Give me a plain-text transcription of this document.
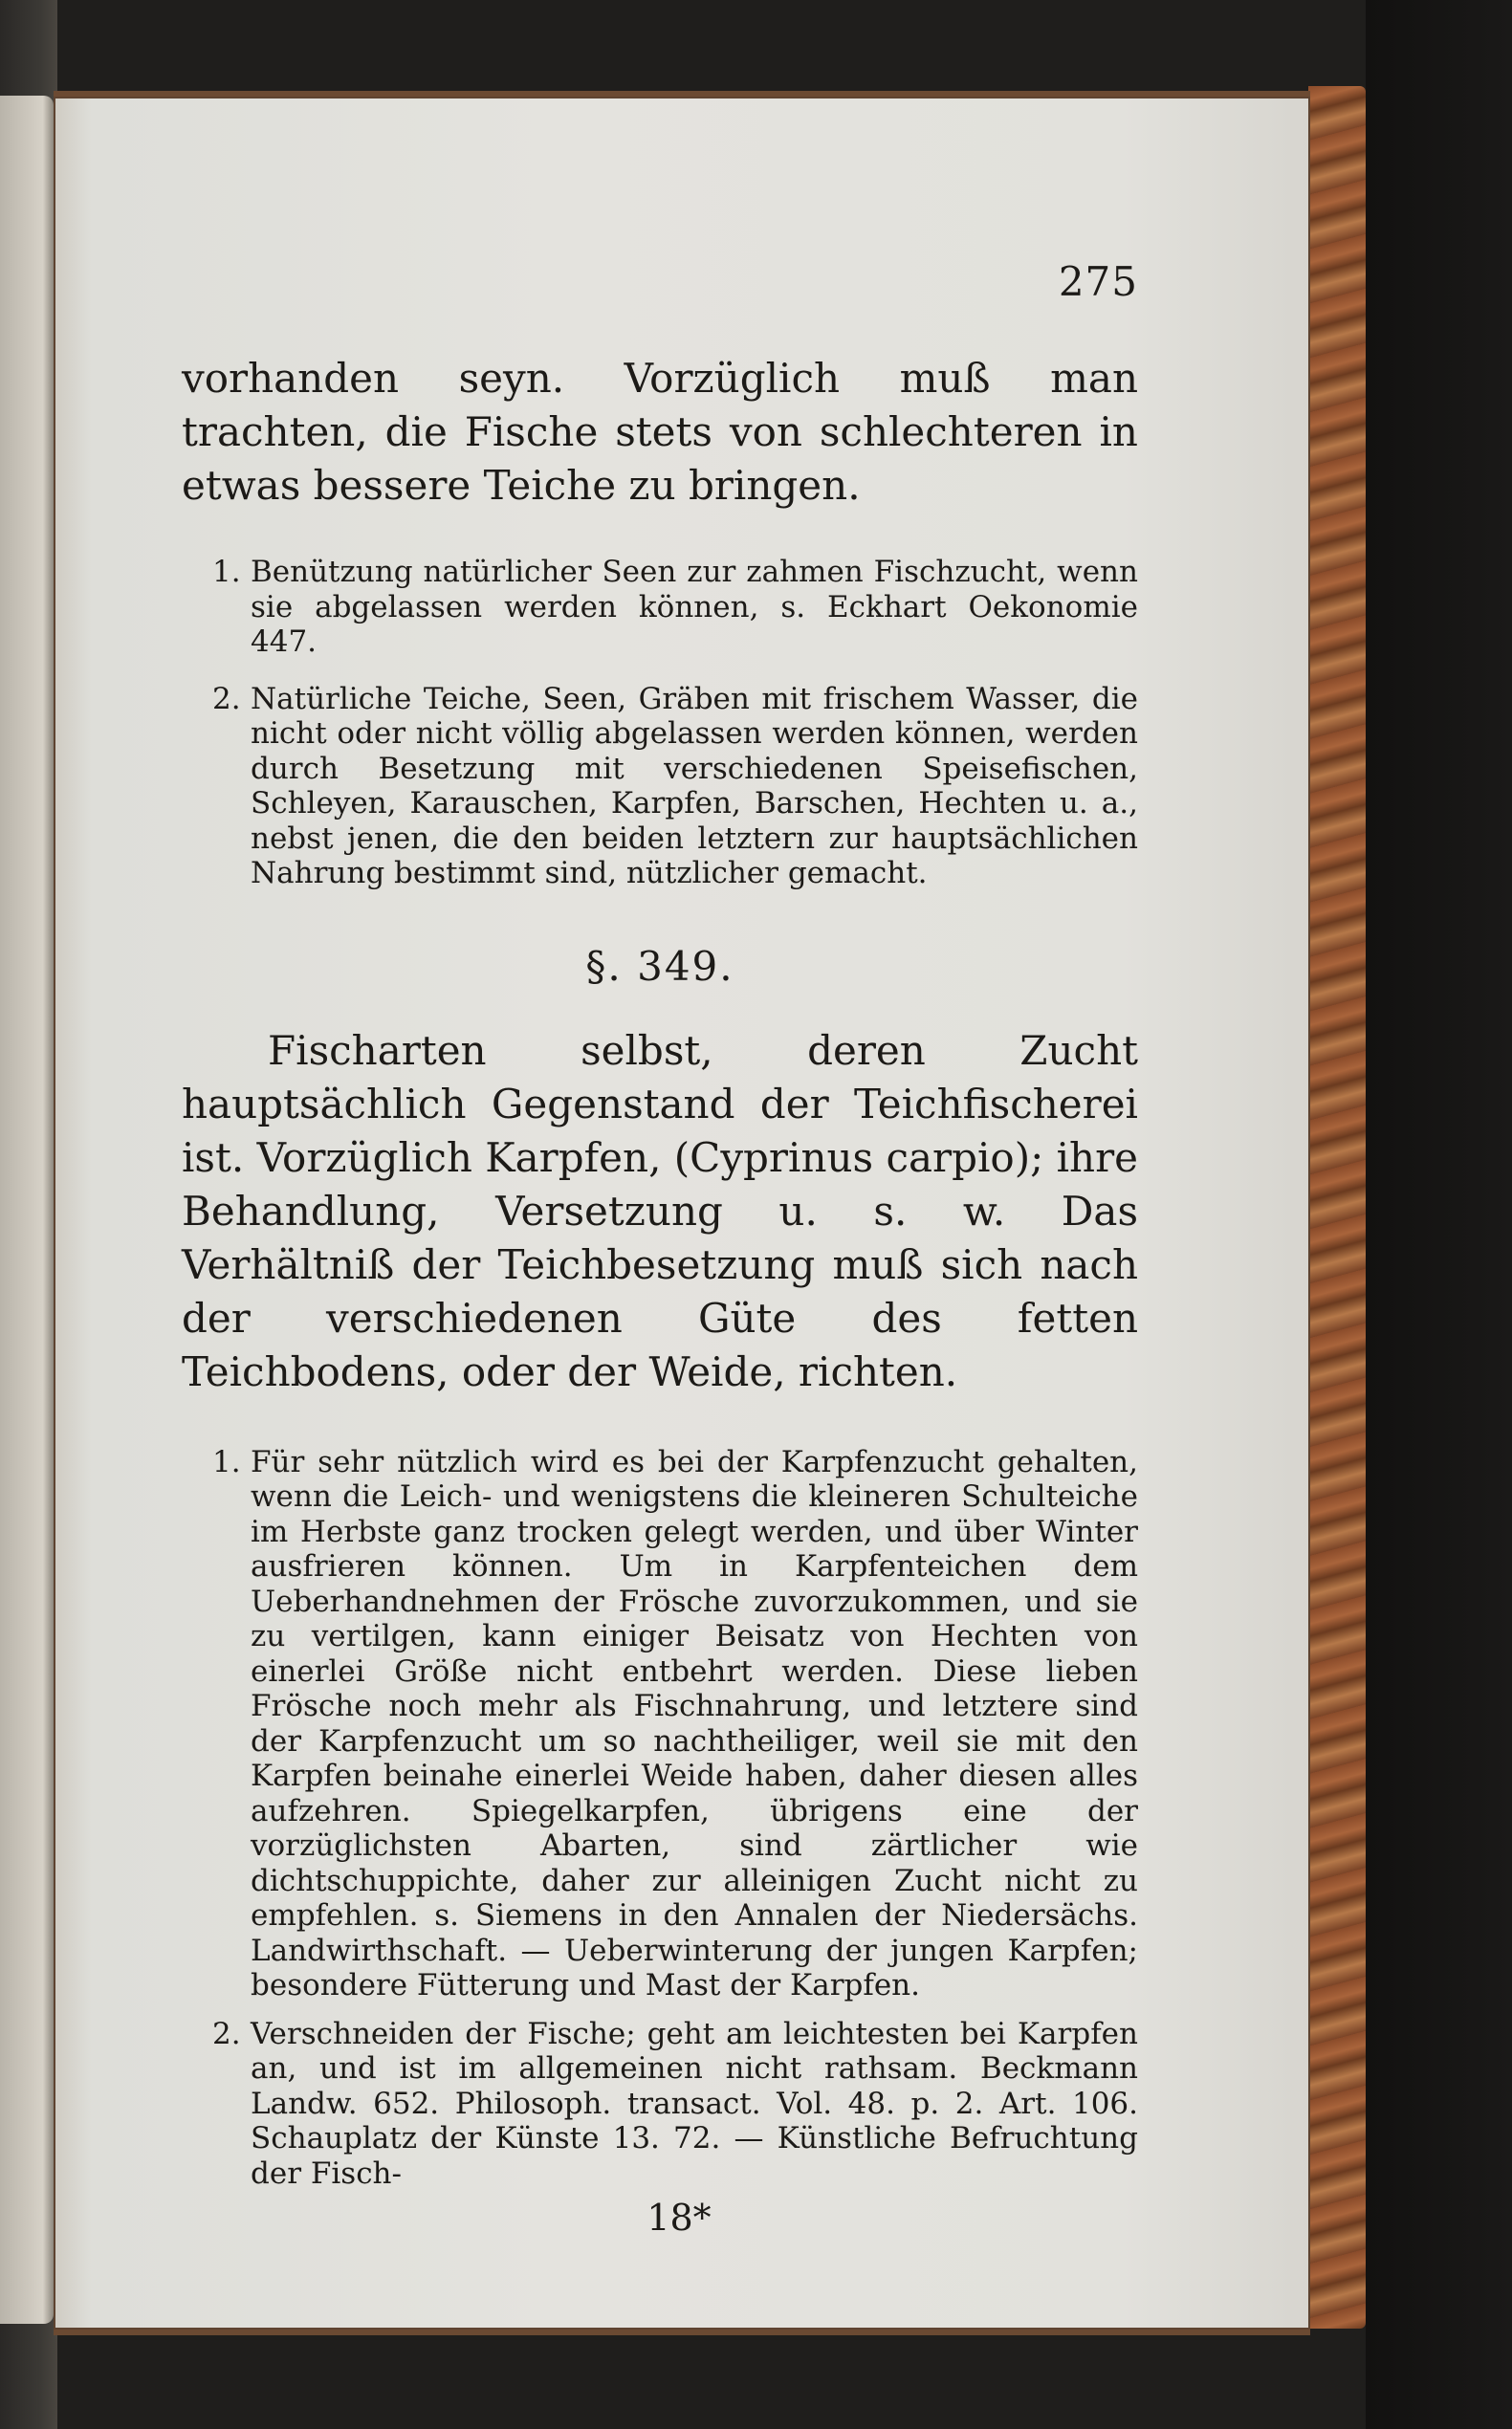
275

vorhanden seyn. Vorzüglich muß man trachten, die Fische stets von schlechteren in etwas bessere Teiche zu bringen.

1. Benützung natürlicher Seen zur zahmen Fischzucht, wenn sie abgelassen werden können, s. Eckhart Oekonomie 447.

2. Natürliche Teiche, Seen, Gräben mit frischem Wasser, die nicht oder nicht völlig abgelassen werden können, werden durch Besetzung mit verschiedenen Speisefischen, Schleyen, Karauschen, Karpfen, Barschen, Hechten u. a., nebst jenen, die den beiden letztern zur hauptsächlichen Nahrung bestimmt sind, nützlicher gemacht.

§. 349.

Fischarten selbst, deren Zucht hauptsächlich Gegenstand der Teichfischerei ist. Vorzüglich Karpfen, (Cyprinus carpio); ihre Behandlung, Versetzung u. s. w. Das Verhältniß der Teichbesetzung muß sich nach der verschiedenen Güte des fetten Teichbodens, oder der Weide, richten.

1. Für sehr nützlich wird es bei der Karpfenzucht gehalten, wenn die Leich- und wenigstens die kleineren Schulteiche im Herbste ganz trocken gelegt werden, und über Winter ausfrieren können. Um in Karpfenteichen dem Ueberhandnehmen der Frösche zuvorzukommen, und sie zu vertilgen, kann einiger Beisatz von Hechten von einerlei Größe nicht entbehrt werden. Diese lieben Frösche noch mehr als Fischnahrung, und letztere sind der Karpfenzucht um so nachtheiliger, weil sie mit den Karpfen beinahe einerlei Weide haben, daher diesen alles aufzehren. Spiegelkarpfen, übrigens eine der vorzüglichsten Abarten, sind zärtlicher wie dichtschuppichte, daher zur alleinigen Zucht nicht zu empfehlen. s. Siemens in den Annalen der Niedersächs. Landwirthschaft. — Ueberwinterung der jungen Karpfen; besondere Fütterung und Mast der Karpfen.

2. Verschneiden der Fische; geht am leichtesten bei Karpfen an, und ist im allgemeinen nicht rathsam. Beckmann Landw. 652. Philosoph. transact. Vol. 48. p. 2. Art. 106. Schauplatz der Künste 13. 72. — Künstliche Befruchtung der Fisch-

18*
